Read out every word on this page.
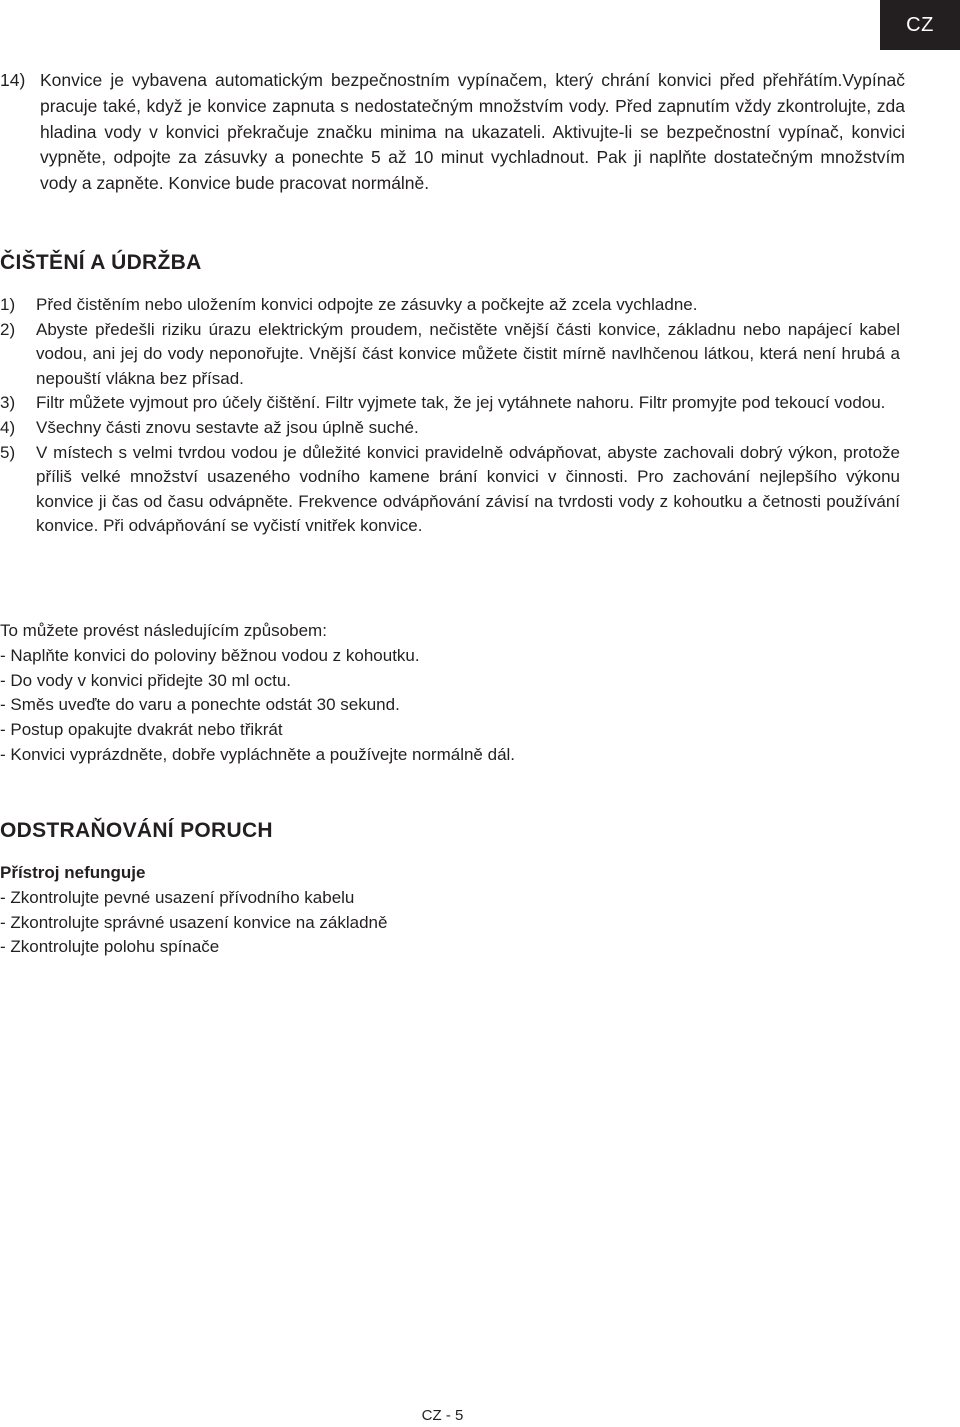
CZ
14) Konvice je vybavena automatickým bezpečnostním vypínačem, který chrání konvici před přehřátím.Vypínač pracuje také, když je konvice zapnuta s nedostatečným množstvím vody. Před zapnutím vždy zkontrolujte, zda hladina vody v konvici překračuje značku minima na ukazateli. Aktivujte-li se bezpečnostní vypínač, konvici vypněte, odpojte za zásuvky a ponechte 5 až 10 minut vychladnout. Pak ji naplňte dostatečným množstvím vody a zapněte. Konvice bude pracovat normálně.
ČIŠTĚNÍ A ÚDRŽBA
1)	Před čistěním nebo uložením konvici odpojte ze zásuvky a počkejte až zcela vychladne.
2)	Abyste předešli riziku úrazu elektrickým proudem, nečistěte vnější části konvice, základnu nebo napájecí kabel vodou, ani jej do vody neponořujte. Vnější část konvice můžete čistit mírně navlhčenou látkou, která není hrubá a nepouští vlákna bez přísad.
3)	Filtr můžete vyjmout pro účely čištění. Filtr vyjmete tak, že jej vytáhnete nahoru. Filtr promyjte pod tekoucí vodou.
4)	Všechny části znovu sestavte až jsou úplně suché.
5)	V místech s velmi tvrdou vodou je důležité konvici pravidelně odvápňovat, abyste zachovali dobrý výkon, protože příliš velké množství usazeného vodního kamene brání konvici v činnosti. Pro zachování nejlepšího výkonu konvice ji čas od času odvápněte. Frekvence odvápňování závisí na tvrdosti vody z kohoutku a četnosti používání konvice. Při odvápňování se vyčistí vnitřek konvice.
To můžete provést následujícím způsobem:
- Naplňte konvici do poloviny běžnou vodou z kohoutku.
- Do vody v konvici přidejte 30 ml octu.
- Směs uveďte do varu a ponechte odstát 30 sekund.
- Postup opakujte dvakrát nebo třikrát
- Konvici vyprázdněte, dobře vypláchněte a používejte normálně dál.
ODSTRAŇOVÁNÍ PORUCH
Přístroj nefunguje
- Zkontrolujte pevné usazení přívodního kabelu
- Zkontrolujte správné usazení konvice na základně
- Zkontrolujte polohu spínače
CZ - 5
